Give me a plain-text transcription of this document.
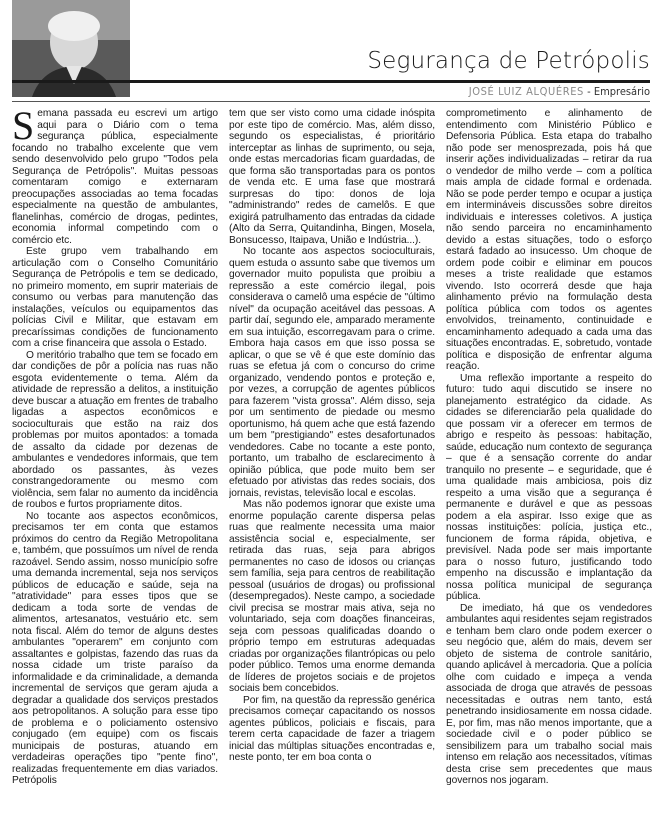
Segurança de Petrópolis
JOSÉ LUIZ ALQUÉRES - Empresário

Semana passada eu escrevi um artigo aqui para o Diário com o tema segurança pública, especialmente focando no trabalho excelente que vem sendo desenvolvido pelo grupo "Todos pela Segurança de Petrópolis". Muitas pessoas comentaram comigo e externaram preocupações associadas ao tema focadas especialmente na questão de ambulantes, flanelinhas, comércio de drogas, pedintes, economia informal competindo com o comércio etc.

Este grupo vem trabalhando em articulação com o Conselho Comunitário Segurança de Petrópolis e tem se dedicado, no primeiro momento, em suprir materiais de consumo ou verbas para manutenção das instalações, veículos ou equipamentos das polícias Civil e Militar, que estavam em precaríssimas condições de funcionamento com a crise financeira que assola o Estado.

O meritório trabalho que tem se focado em dar condições de pôr a polícia nas ruas não esgota evidentemente o tema. Além da atividade de repressão a delitos, a instituição deve buscar a atuação em frentes de trabalho ligadas a aspectos econômicos e socioculturais que estão na raiz dos problemas por muitos apontados: a tomada de assalto da cidade por dezenas de ambulantes e vendedores informais, que tem abordado os passantes, às vezes constrangedoramente ou mesmo com violência, sem falar no aumento da incidência de roubos e furtos propriamente ditos.

No tocante aos aspectos econômicos, precisamos ter em conta que estamos próximos do centro da Região Metropolitana e, também, que possuímos um nível de renda razoável. Sendo assim, nosso município sofre uma demanda incremental, seja nos serviços públicos de educação e saúde, seja na "atratividade" para esses tipos que se dedicam a toda sorte de vendas de alimentos, artesanatos, vestuário etc. sem nota fiscal. Além do temor de alguns destes ambulantes "operarem" em conjunto com assaltantes e golpistas, fazendo das ruas da nossa cidade um triste paraíso da informalidade e da criminalidade, a demanda incremental de serviços que geram ajuda a degradar a qualidade dos serviços prestados aos petropolitanos. A solução para esse tipo de problema e o policiamento ostensivo conjugado (em equipe) com os fiscais municipais de posturas, atuando em verdadeiras operações tipo "pente fino", realizadas frequentemente em dias variados. Petrópolis

tem que ser visto como uma cidade inóspita por este tipo de comércio. Mas, além disso, segundo os especialistas, é prioritário interceptar as linhas de suprimento, ou seja, onde estas mercadorias ficam guardadas, de que forma são transportadas para os pontos de venda etc. E uma fase que mostrará surpresas do tipo: donos de loja "administrando" redes de camelôs. E que exigirá patrulhamento das entradas da cidade (Alto da Serra, Quitandinha, Bingen, Mosela, Bonsucesso, Itaipava, União e Indústria...).

No tocante aos aspectos socioculturais, quem estuda o assunto sabe que tivemos um governador muito populista que proibiu a repressão a este comércio ilegal, pois considerava o camelô uma espécie de "último nível" da ocupação aceitável das pessoas. A partir daí, segundo ele, amparado meramente em sua intuição, escorregavam para o crime. Embora haja casos em que isso possa se aplicar, o que se vê é que este domínio das ruas se efetua já com o concurso do crime organizado, vendendo pontos e proteção e, por vezes, a corrupção de agentes públicos para fazerem "vista grossa". Além disso, seja por um sentimento de piedade ou mesmo oportunismo, há quem ache que está fazendo um bem "prestigiando" estes desafortunados vendedores. Cabe no tocante a este ponto, portanto, um trabalho de esclarecimento à opinião pública, que pode muito bem ser efetuado por ativistas das redes sociais, dos jornais, revistas, televisão local e escolas.

Mas não podemos ignorar que existe uma enorme população carente dispersa pelas ruas que realmente necessita uma maior assistência social e, especialmente, ser retirada das ruas, seja para abrigos permanentes no caso de idosos ou crianças sem família, seja para centros de reabilitação pessoal (usuários de drogas) ou profissional (desempregados). Neste campo, a sociedade civil precisa se mostrar mais ativa, seja no voluntariado, seja com doações financeiras, seja com pessoas qualificadas doando o próprio tempo em estruturas adequadas criadas por organizações filantrópicas ou pelo poder público. Temos uma enorme demanda de líderes de projetos sociais e de projetos sociais bem concebidos.

Por fim, na questão da repressão genérica precisamos começar capacitando os nossos agentes públicos, policiais e fiscais, para terem certa capacidade de fazer a triagem inicial das múltiplas situações encontradas e, neste ponto, ter em boa conta o

comprometimento e alinhamento de entendimento com Ministério Público e Defensoria Pública. Esta etapa do trabalho não pode ser menosprezada, pois há que inserir ações individualizadas – retirar da rua o vendedor de milho verde – com a política mais ampla de cidade formal e ordenada. Não se pode perder tempo e ocupar a justiça em intermináveis discussões sobre direitos individuais e interesses coletivos. A justiça não sendo parceira no encaminhamento devido a estas situações, todo o esforço estará fadado ao insucesso. Um choque de ordem pode coibir e eliminar em poucos meses a triste realidade que estamos vivendo. Isto ocorrerá desde que haja alinhamento prévio na formulação desta política pública com todos os agentes envolvidos, treinamento, continuidade e encaminhamento adequado a cada uma das situações encontradas. E, sobretudo, vontade política e disposição de enfrentar alguma reação.

Uma reflexão importante a respeito do futuro: tudo aqui discutido se insere no planejamento estratégico da cidade. As cidades se diferenciarão pela qualidade do que possam vir a oferecer em termos de abrigo e respeito às pessoas: habitação, saúde, educação num contexto de segurança – que é a sensação corrente do andar tranquilo no presente – e seguridade, que é uma qualidade mais ambiciosa, pois diz respeito a uma visão que a segurança é permanente e durável e que as pessoas podem a ela aspirar. Isso exige que as nossas instituições: polícia, justiça etc., funcionem de forma rápida, objetiva, e previsível. Nada pode ser mais importante para o nosso futuro, justificando todo empenho na discussão e implantação da nossa política municipal de segurança pública.

De imediato, há que os vendedores ambulantes aqui residentes sejam registrados e tenham bem claro onde podem exercer o seu negócio que, além do mais, devem ser objeto de sistema de controle sanitário, quando aplicável à mercadoria. Que a polícia olhe com cuidado e impeça a venda associada de droga que através de pessoas necessitadas e outras nem tanto, está penetrando insidiosamente em nossa cidade. E, por fim, mas não menos importante, que a sociedade civil e o poder público se sensibilizem para um trabalho social mais intenso em relação aos necessitados, vítimas desta crise sem precedentes que maus governos nos jogaram.
